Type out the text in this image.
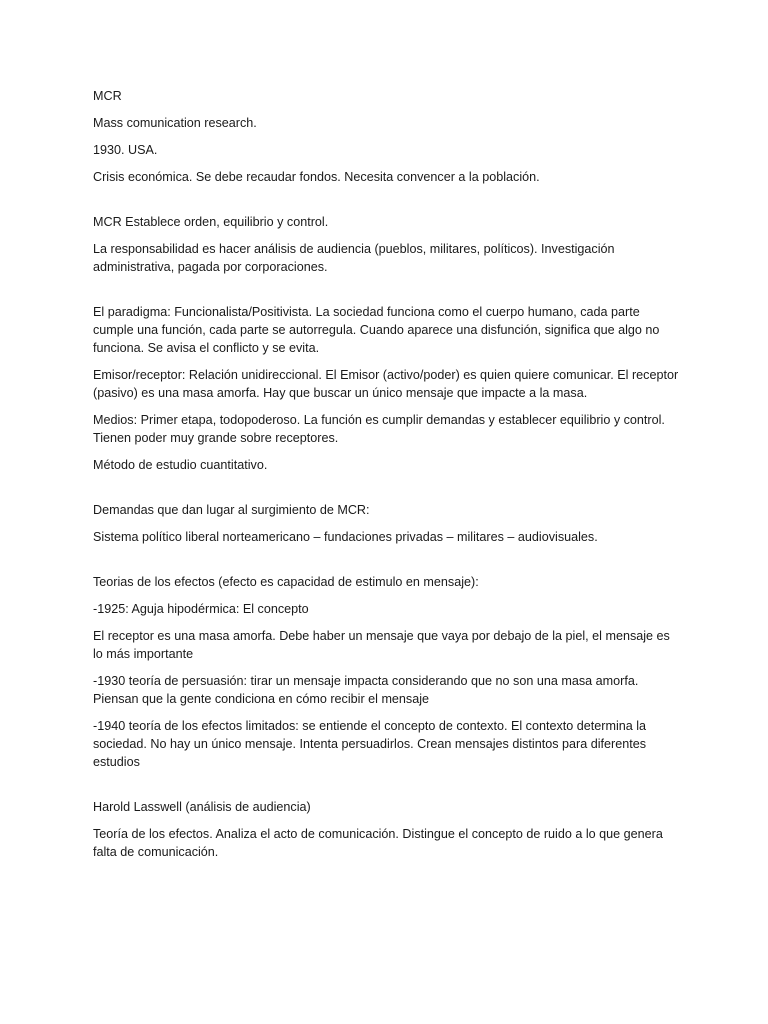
MCR

Mass comunication research.

1930. USA.

Crisis económica. Se debe recaudar fondos. Necesita convencer a la población.

MCR Establece orden, equilibrio y control.

La responsabilidad es hacer análisis de audiencia (pueblos, militares, políticos). Investigación administrativa, pagada por corporaciones.

El paradigma: Funcionalista/Positivista. La sociedad funciona como el cuerpo humano, cada parte cumple una función, cada parte se autorregula. Cuando aparece una disfunción, significa que algo no funciona. Se avisa el conflicto y se evita.

Emisor/receptor: Relación unidireccional. El Emisor (activo/poder) es quien quiere comunicar. El receptor (pasivo) es una masa amorfa. Hay que buscar un único mensaje que impacte a la masa.

Medios: Primer etapa, todopoderoso. La función es cumplir demandas y establecer equilibrio y control. Tienen poder muy grande sobre receptores.

Método de estudio cuantitativo.

Demandas que dan lugar al surgimiento de MCR:

Sistema político liberal norteamericano – fundaciones privadas – militares – audiovisuales.

Teorias de los efectos (efecto es capacidad de estimulo en mensaje):

-1925: Aguja hipodérmica: El concepto

El receptor es una masa amorfa. Debe haber un mensaje que vaya por debajo de la piel, el mensaje es lo más importante

-1930 teoría de persuasión: tirar un mensaje impacta considerando que no son una masa amorfa. Piensan que la gente condiciona en cómo recibir el mensaje

-1940 teoría de los efectos limitados: se entiende el concepto de contexto. El contexto determina la sociedad. No hay un único mensaje. Intenta persuadirlos. Crean mensajes distintos para diferentes estudios

Harold Lasswell (análisis de audiencia)

Teoría de los efectos. Analiza el acto de comunicación. Distingue el concepto de ruido a lo que genera falta de comunicación.
